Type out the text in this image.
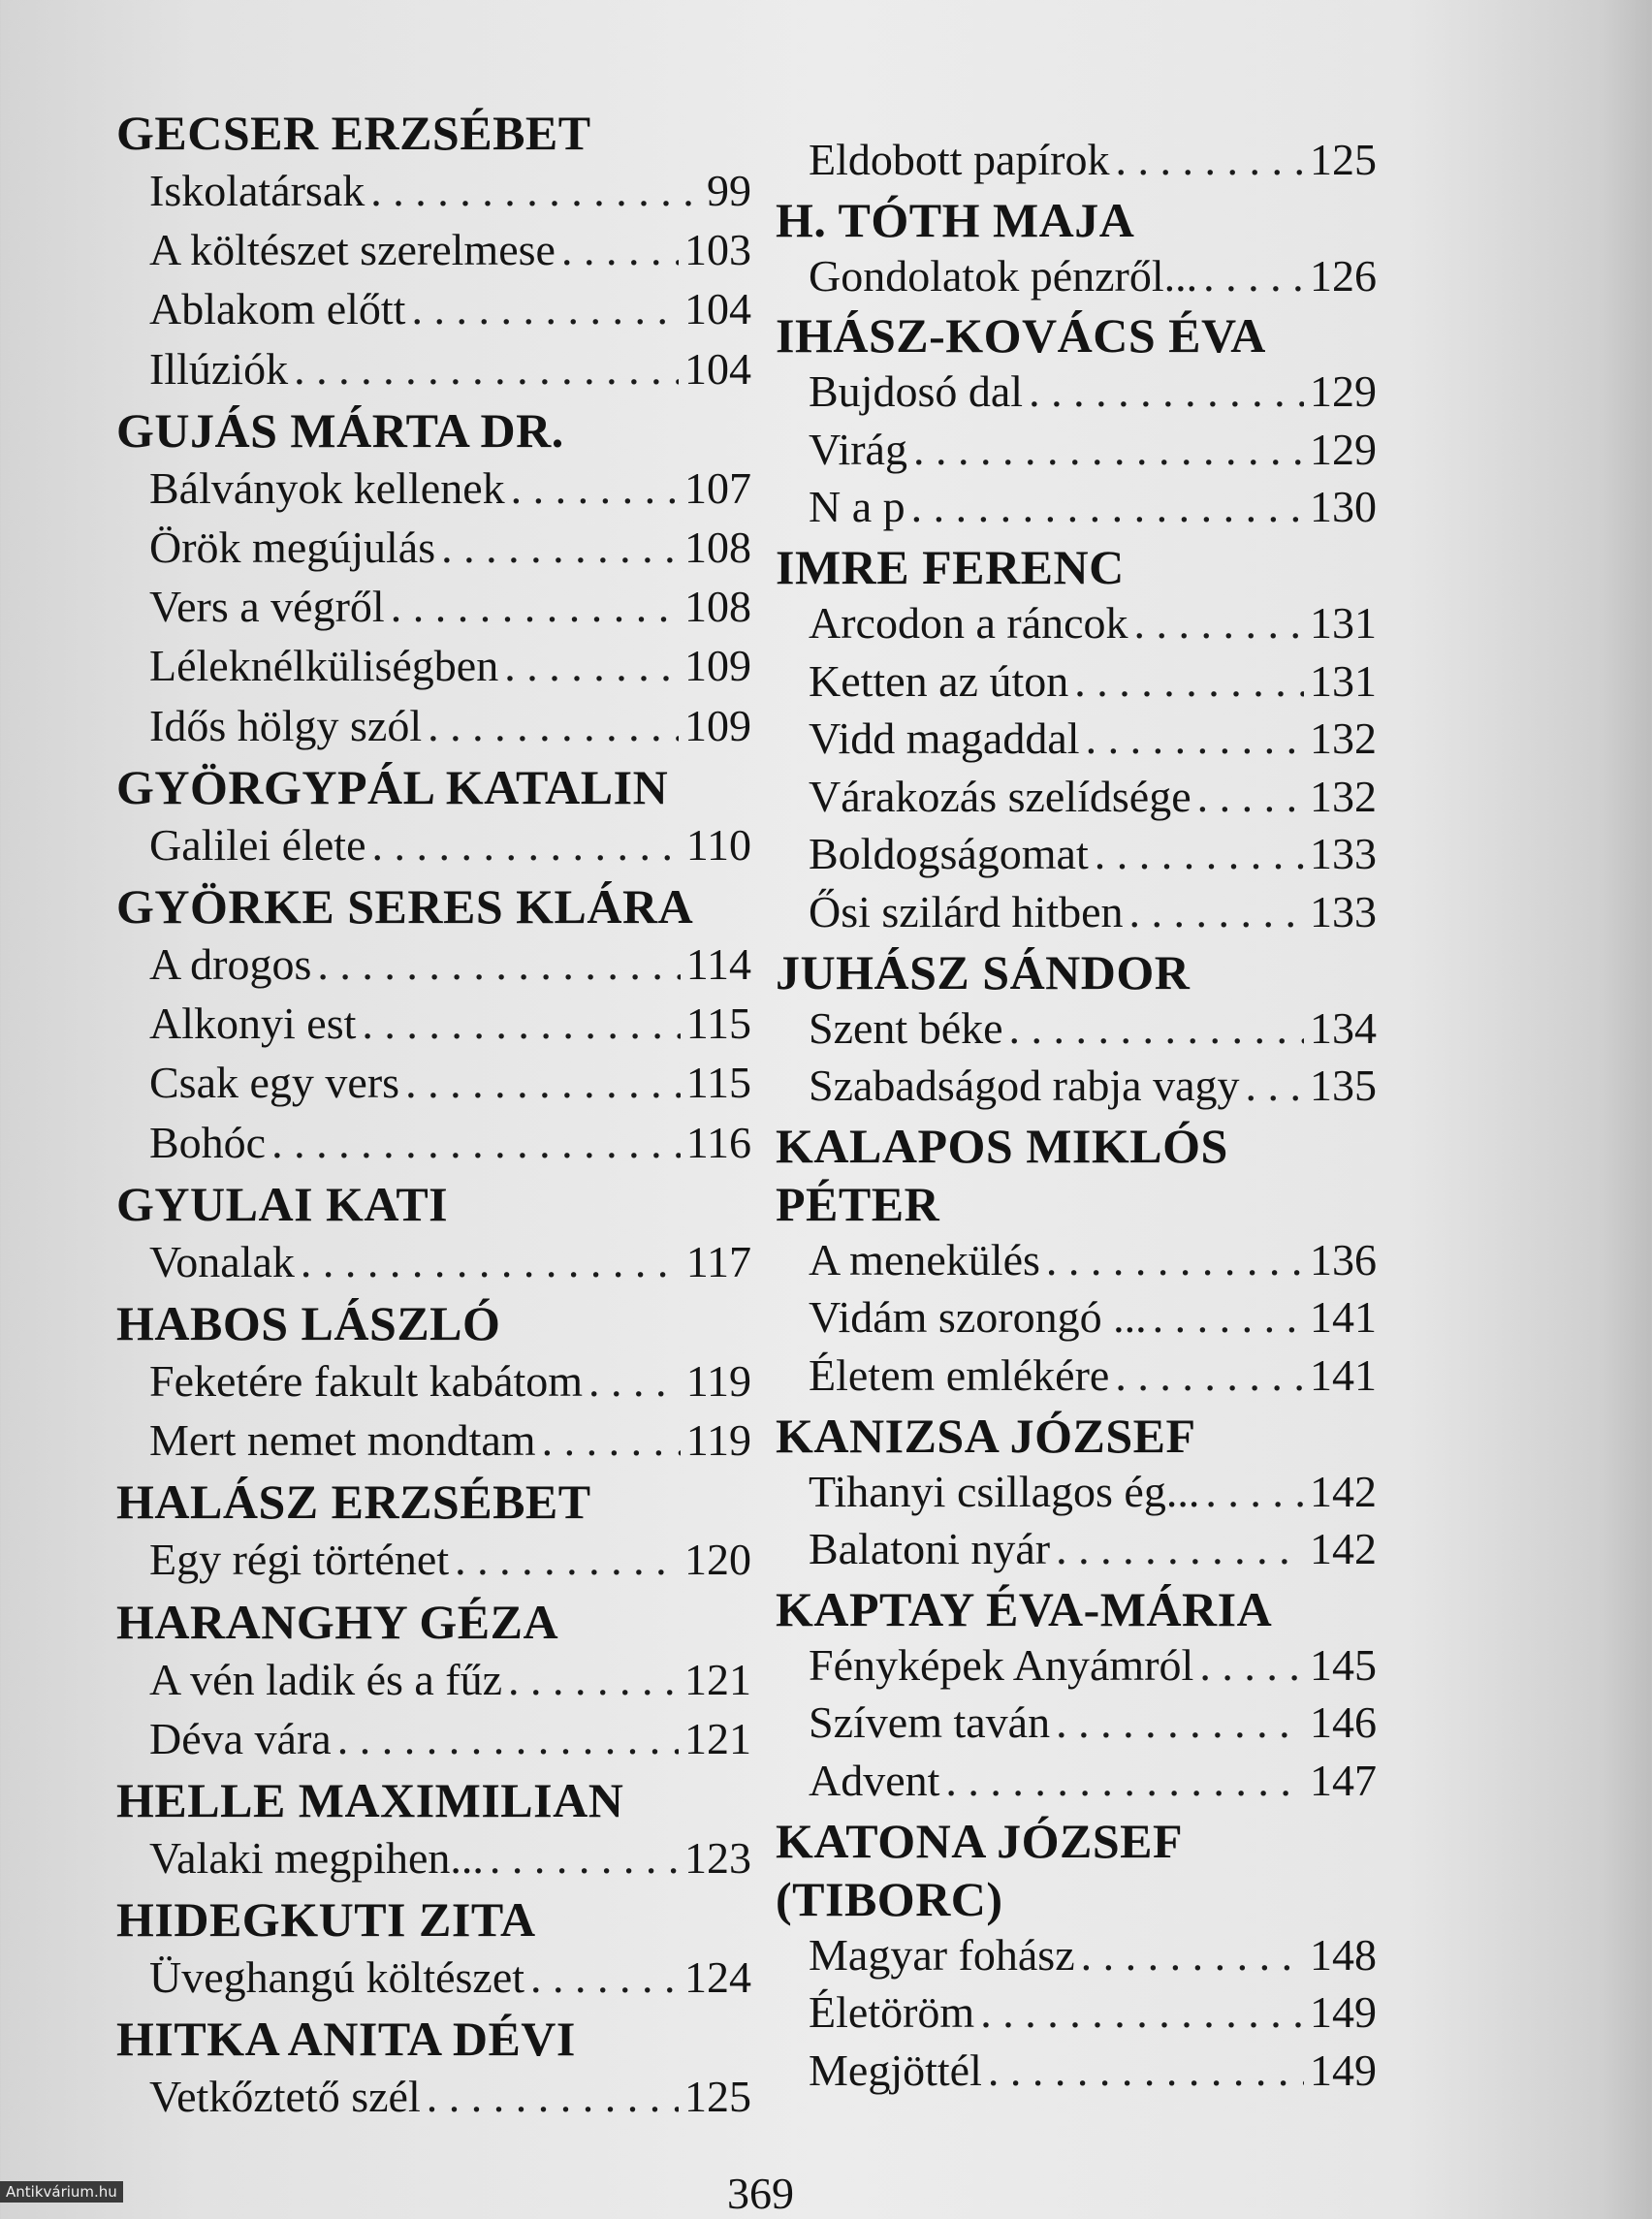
GECSER ERZSÉBET
Iskolatársak . . .	99
A költészet szerelmese . . .	103
Ablakom előtt . . .	104
Illúziók . . .	104
GUJÁS MÁRTA DR.
Bálványok kellenek . . .	107
Örök megújulás . . .	108
Vers a végről . . .	108
Léleknélküliségben . . .	109
Idős hölgy szól . . .	109
GYÖRGYPÁL KATALIN
Galilei élete . . .	110
GYÖRKE SERES KLÁRA
A drogos . . .	114
Alkonyi est . . .	115
Csak egy vers . . .	115
Bohóc . . .	116
GYULAI KATI
Vonalak . . .	117
HABOS LÁSZLÓ
Feketére fakult kabátom . . . 119
Mert nemet mondtam . . .	119
HALÁSZ ERZSÉBET
Egy régi történet . . .	120
HARANGHY GÉZA
A vén ladik és a fűz . . .	121
Déva vára . . .	121
HELLE MAXIMILIAN
Valaki megpihen... . . .	123
HIDEGKUTI ZITA
Üveghangú költészet . . .	124
HITKA ANITA DÉVI
Vetkőztető szél . . .	125
Eldobott papírok . . .	125
H. TÓTH MAJA
Gondolatok pénzről... . . .	126
IHÁSZ-KOVÁCS ÉVA
Bujdosó dal . . .	129
Virág . . .	129
N a p . . .	130
IMRE FERENC
Arcodon a ráncok . . .	131
Ketten az úton . . .	131
Vidd magaddal . . .	132
Várakozás szelídsége . . .	132
Boldogságomat . . .	133
Ősi szilárd hitben . . .	133
JUHÁSZ SÁNDOR
Szent béke . . .	134
Szabadságod rabja vagy . . . 135
KALAPOS MIKLÓS
PÉTER
A menekülés . . .	136
Vidám szorongó ... . . .	141
Életem emlékére . . .	141
KANIZSA JÓZSEF
Tihanyi csillagos ég... . . . 142
Balatoni nyár . . .	142
KAPTAY ÉVA-MÁRIA
Fényképek Anyámról . . .	145
Szívem taván . . .	146
Advent . . .	147
KATONA JÓZSEF
(TIBORC)
Magyar fohász . . .	148
Életöröm . . .	149
Megjöttél . . .	149
369
Antikvárium.hu
